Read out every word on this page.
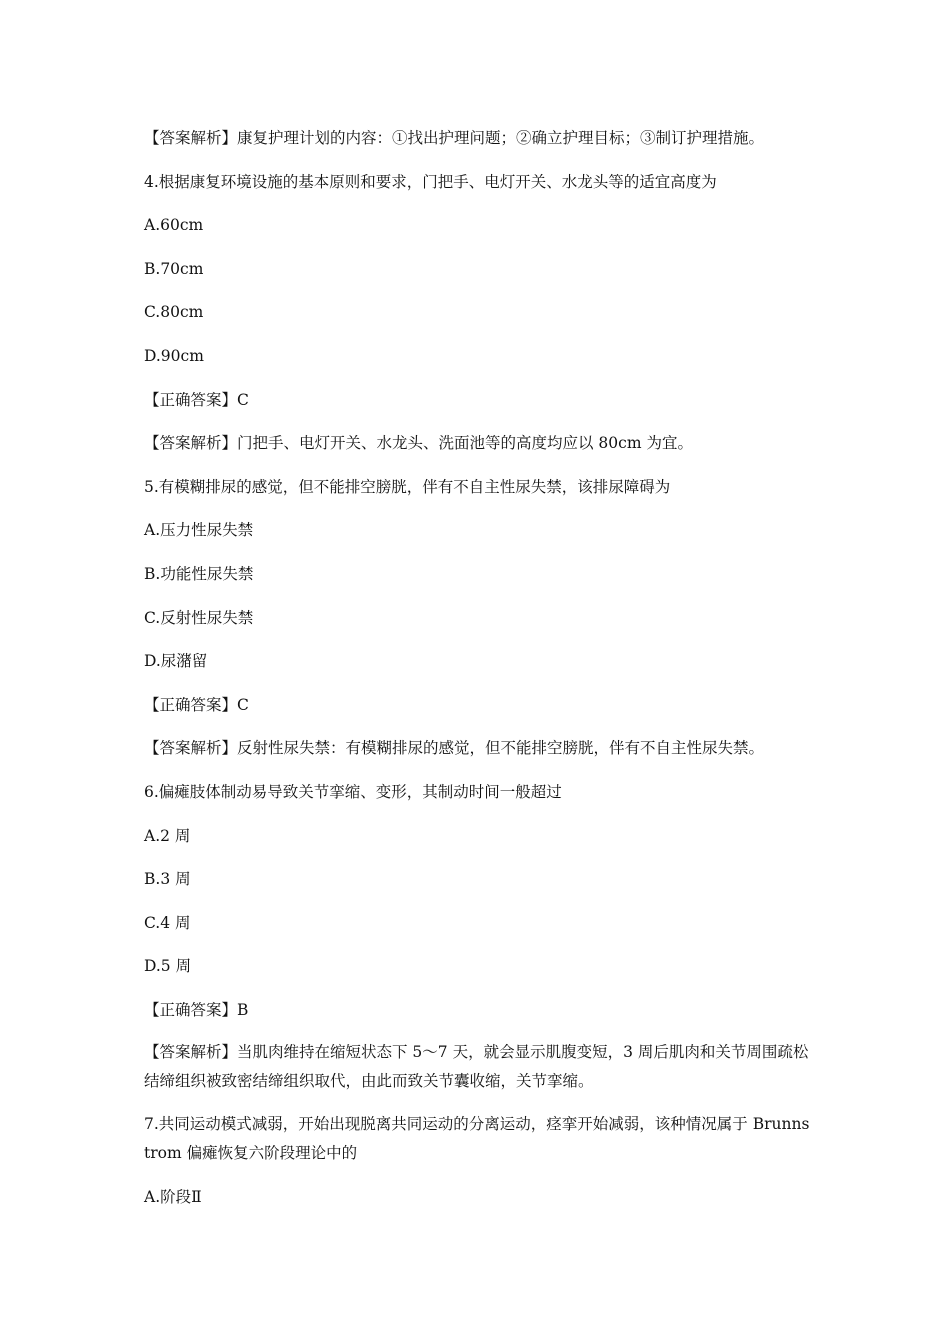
【答案解析】康复护理计划的内容：①找出护理问题；②确立护理目标；③制订护理措施。

4.根据康复环境设施的基本原则和要求，门把手、电灯开关、水龙头等的适宜高度为

A.60cm

B.70cm

C.80cm

D.90cm

【正确答案】C

【答案解析】门把手、电灯开关、水龙头、洗面池等的高度均应以 80cm 为宜。

5.有模糊排尿的感觉，但不能排空膀胱，伴有不自主性尿失禁，该排尿障碍为

A.压力性尿失禁

B.功能性尿失禁

C.反射性尿失禁

D.尿潴留

【正确答案】C

【答案解析】反射性尿失禁：有模糊排尿的感觉，但不能排空膀胱，伴有不自主性尿失禁。

6.偏瘫肢体制动易导致关节挛缩、变形，其制动时间一般超过

A.2 周

B.3 周

C.4 周

D.5 周

【正确答案】B

【答案解析】当肌肉维持在缩短状态下 5～7 天，就会显示肌腹变短，3 周后肌肉和关节周围疏松结缔组织被致密结缔组织取代，由此而致关节囊收缩，关节挛缩。

7.共同运动模式减弱，开始出现脱离共同运动的分离运动，痉挛开始减弱，该种情况属于 Brunnstrom 偏瘫恢复六阶段理论中的

A.阶段Ⅱ
